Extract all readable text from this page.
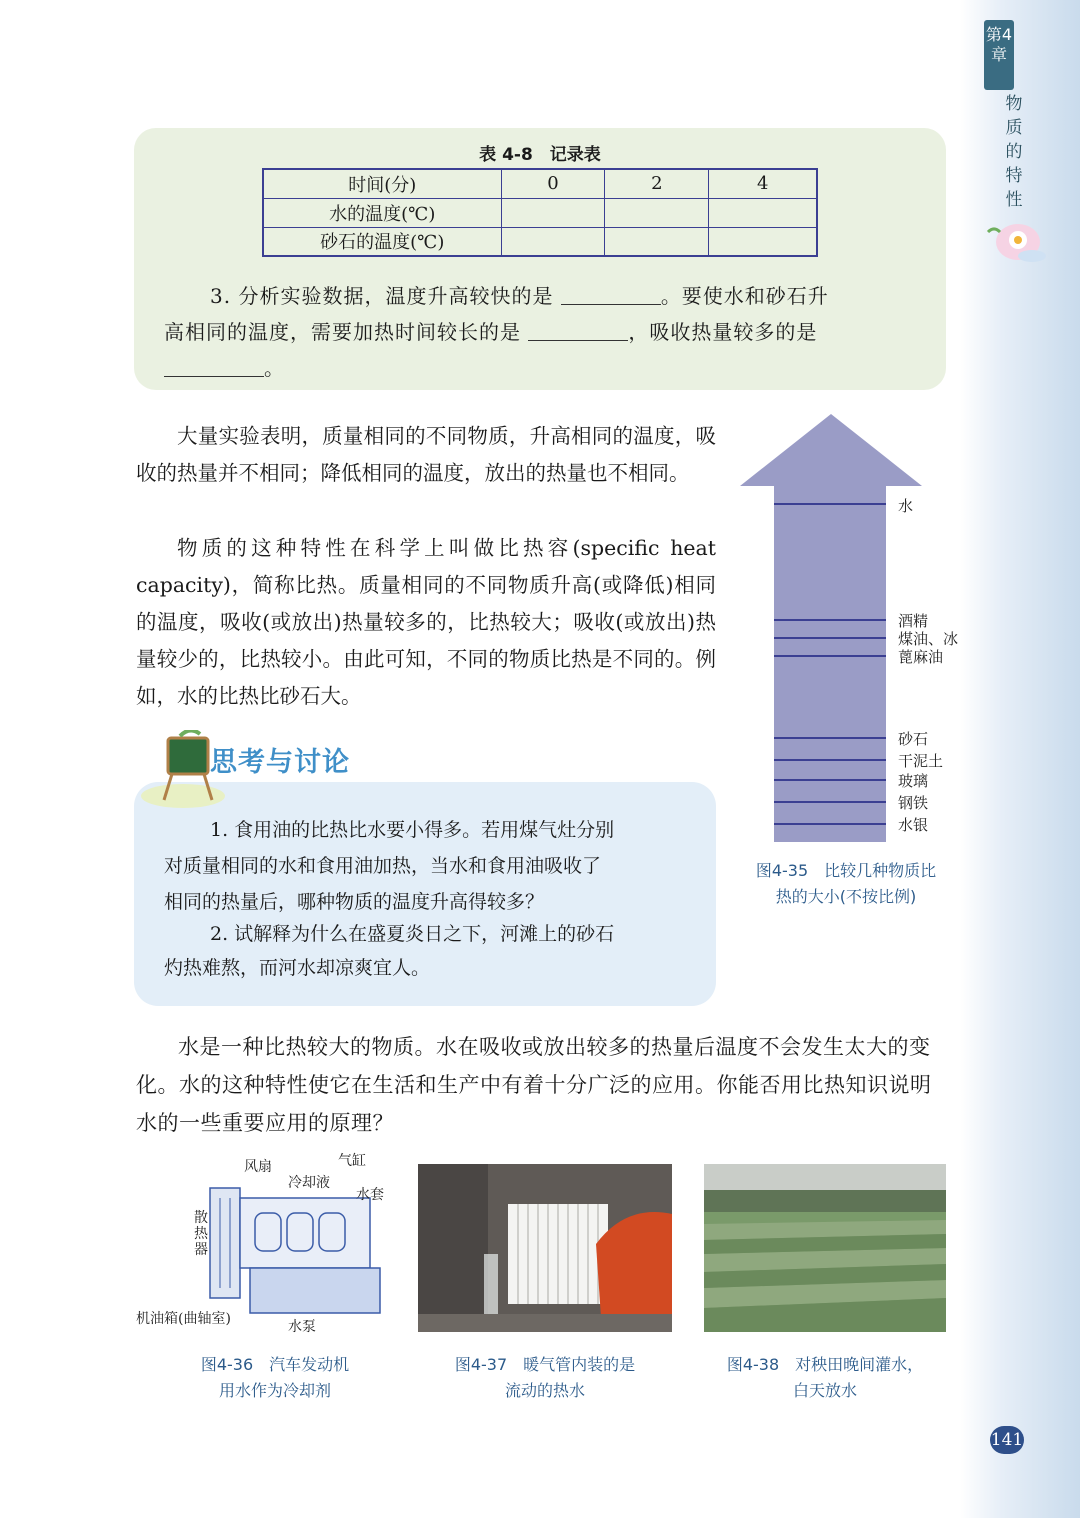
第4章
物质的特性
表 4-8　记录表
时间(分)	0	2	4
水的温度(℃)			
砂石的温度(℃)			
3. 分析实验数据，温度升高较快的是	。要使水和砂石升
高相同的温度，需要加热时间较长的是	，吸收热量较多的是
。

大量实验表明，质量相同的不同物质，升高相同的温度，吸收的热量并不相同；降低相同的温度，放出的热量也不相同。

物质的这种特性在科学上叫做比热容(specific heat capacity)，简称比热。质量相同的不同物质升高(或降低)相同的温度，吸收(或放出)热量较多的，比热较大；吸收(或放出)热量较少的，比热较小。由此可知，不同的物质比热是不同的。例如，水的比热比砂石大。

水
酒精
煤油、冰
蓖麻油
砂石
干泥土
玻璃
钢铁
水银
图4-35　比较几种物质比
热的大小(不按比例)
思考与讨论
1. 食用油的比热比水要小得多。若用煤气灶分别
对质量相同的水和食用油加热，当水和食用油吸收了
相同的热量后，哪种物质的温度升高得较多？
2. 试解释为什么在盛夏炎日之下，河滩上的砂石
灼热难熬，而河水却凉爽宜人。

水是一种比热较大的物质。水在吸收或放出较多的热量后温度不会发生太大的变化。水的这种特性使它在生活和生产中有着十分广泛的应用。你能否用比热知识说明水的一些重要应用的原理？

风扇	气缸
冷却液
水套
散热器
机油箱(曲轴室)	水泵
图4-36　汽车发动机
用水作为冷却剂
图4-37　暖气管内装的是
流动的热水
图4-38　对秧田晚间灌水，
白天放水
141
